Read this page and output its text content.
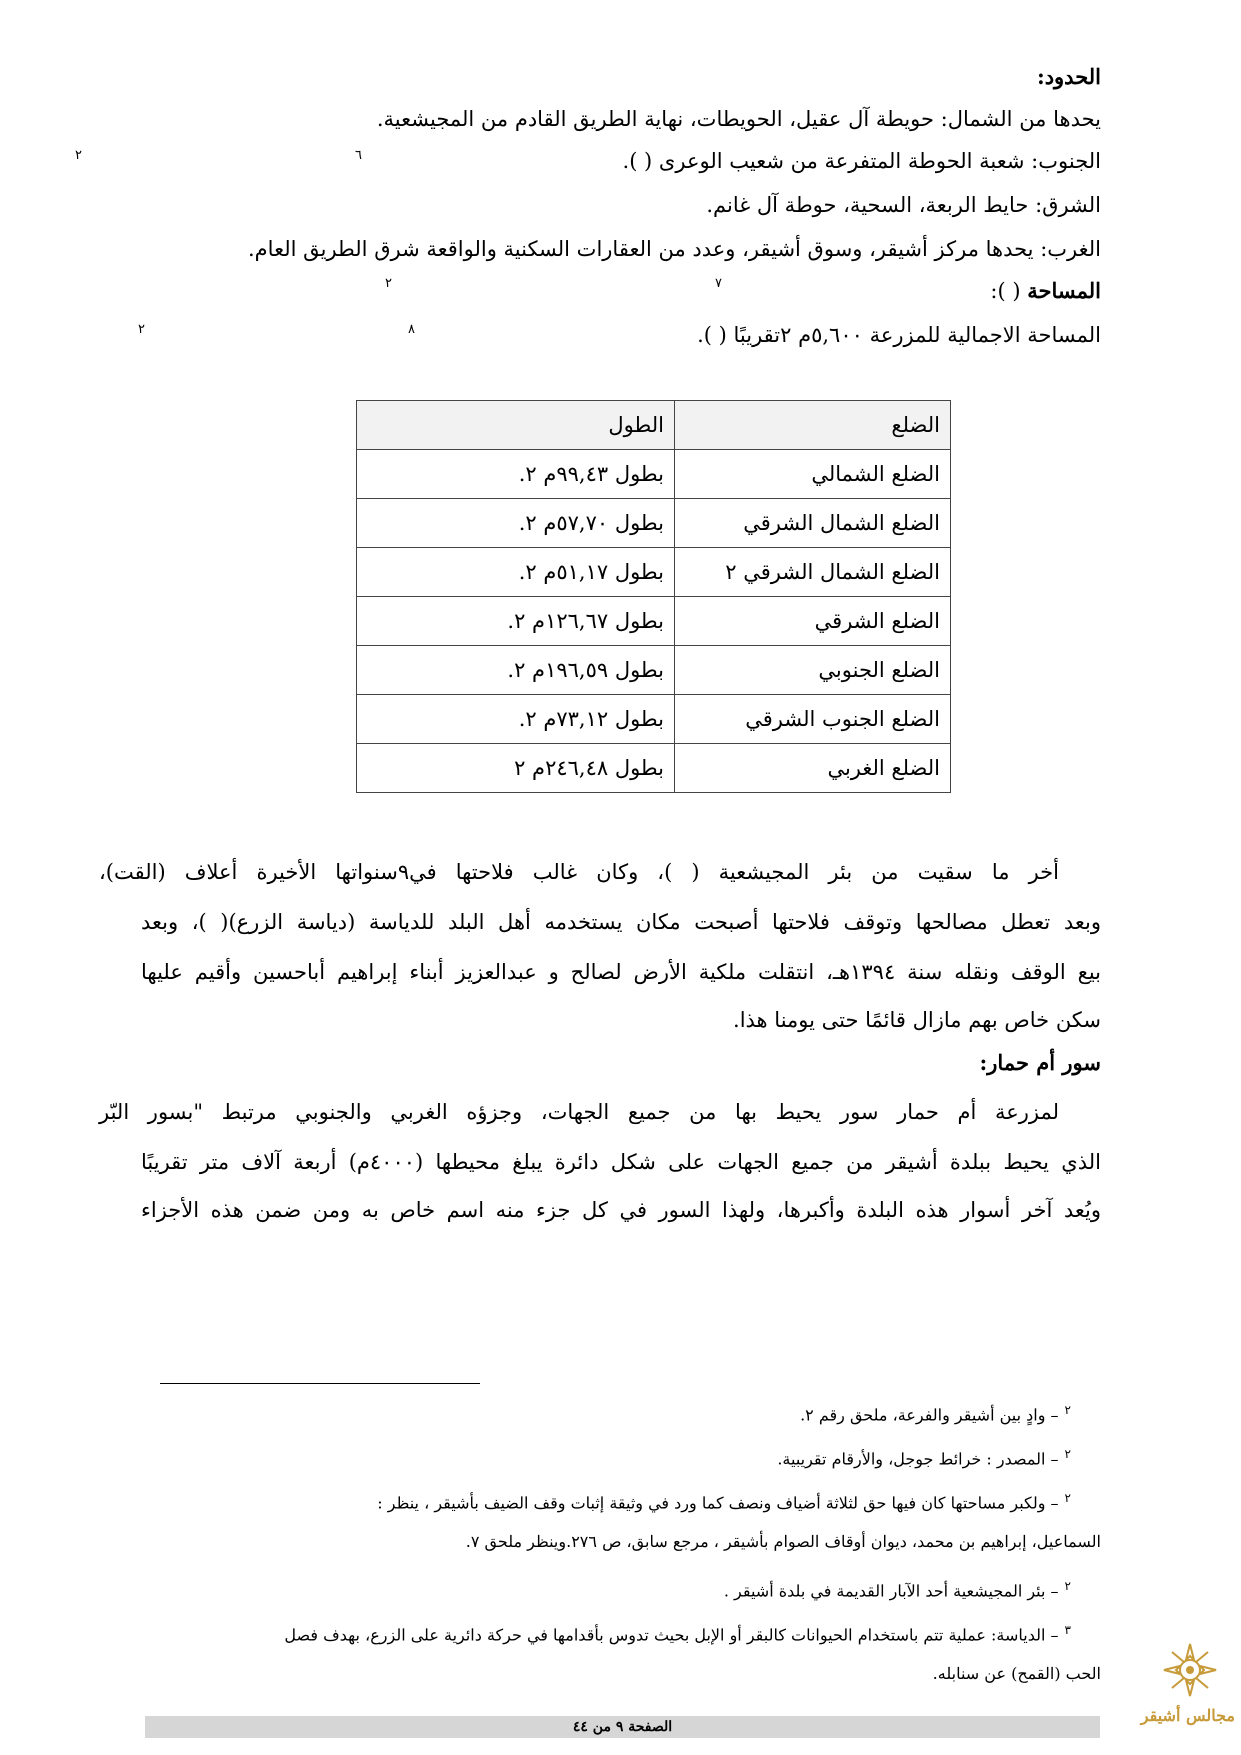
الحدود:
يحدها من الشمال: حويطة آل عقيل، الحويطات، نهاية الطريق القادم من المجيشعية.
الجنوب: شعبة الحوطة المتفرعة من شعيب الوعرى ( ).
الشرق: حايط الربعة، السحية، حوطة آل غانم.
الغرب: يحدها مركز أشيقر، وسوق أشيقر، وعدد من العقارات السكنية والواقعة شرق الطريق العام.
المساحة ( ):
المساحة الاجمالية للمزرعة ٥,٦٠٠م ٢تقريبًا ( ).
٢	٦
٢	٧
٢	٨
الضلع	الطول
الضلع الشمالي	بطول ٩٩,٤٣م ٢.
الضلع الشمال الشرقي	بطول ٥٧,٧٠م ٢.
الضلع الشمال الشرقي ٢	بطول ٥١,١٧م ٢.
الضلع الشرقي	بطول ١٢٦,٦٧م ٢.
الضلع الجنوبي	بطول ١٩٦,٥٩م ٢.
الضلع الجنوب الشرقي	بطول ٧٣,١٢م ٢.
الضلع الغربي	بطول ٢٤٦,٤٨م ٢
أخر ما سقيت من بئر المجيشعية ( )، وكان غالب فلاحتها في٩سنواتها الأخيرة أعلاف (القت)،
وبعد تعطل مصالحها وتوقف فلاحتها أصبحت مكان يستخدمه أهل البلد للدياسة (دياسة الزرع)( )، وبعد
بيع الوقف ونقله سنة ١٣٩٤هـ، انتقلت ملكية الأرض لصالح و عبدالعزيز أبناء إبراهيم أباحسين وأقيم عليها
سكن خاص بهم مازال قائمًا حتى يومنا هذا.
سور أم حمار:
لمزرعة أم حمار سور يحيط بها من جميع الجهات، وجزؤه الغربي والجنوبي مرتبط "بسور البّر
الذي يحيط ببلدة أشيقر من جميع الجهات على شكل دائرة يبلغ محيطها (٤٠٠٠م) أربعة آلاف متر تقريبًا
ويُعد آخر أسوار هذه البلدة وأكبرها، ولهذا السور في كل جزء منه اسم خاص به ومن ضمن هذه الأجزاء
$^٢$– وادٍ بين أشيقر والفرعة، ملحق رقم ٢.
$^٢$– المصدر : خرائط جوجل، والأرقام تقريبية.
$^٢$– ولكبر مساحتها كان فيها حق لثلاثة أضياف ونصف كما ورد في وثيقة إثبات وقف الضيف بأشيقر ، ينظر :
السماعيل، إبراهيم بن محمد، ديوان أوقاف الصوام بأشيقر ، مرجع سابق، ص ٢٧٦.وينظر ملحق ٧.
$^٢$– بئر المجيشعية أحد الآبار القديمة في بلدة أشيقر .
$^٣$– الدياسة: عملية تتم باستخدام الحيوانات كالبقر أو الإبل بحيث تدوس بأقدامها في حركة دائرية على الزرع، بهدف فصل
الحب (القمح) عن سنابله.
الصفحة ٩ من ٤٤
مجالس أشيقر
